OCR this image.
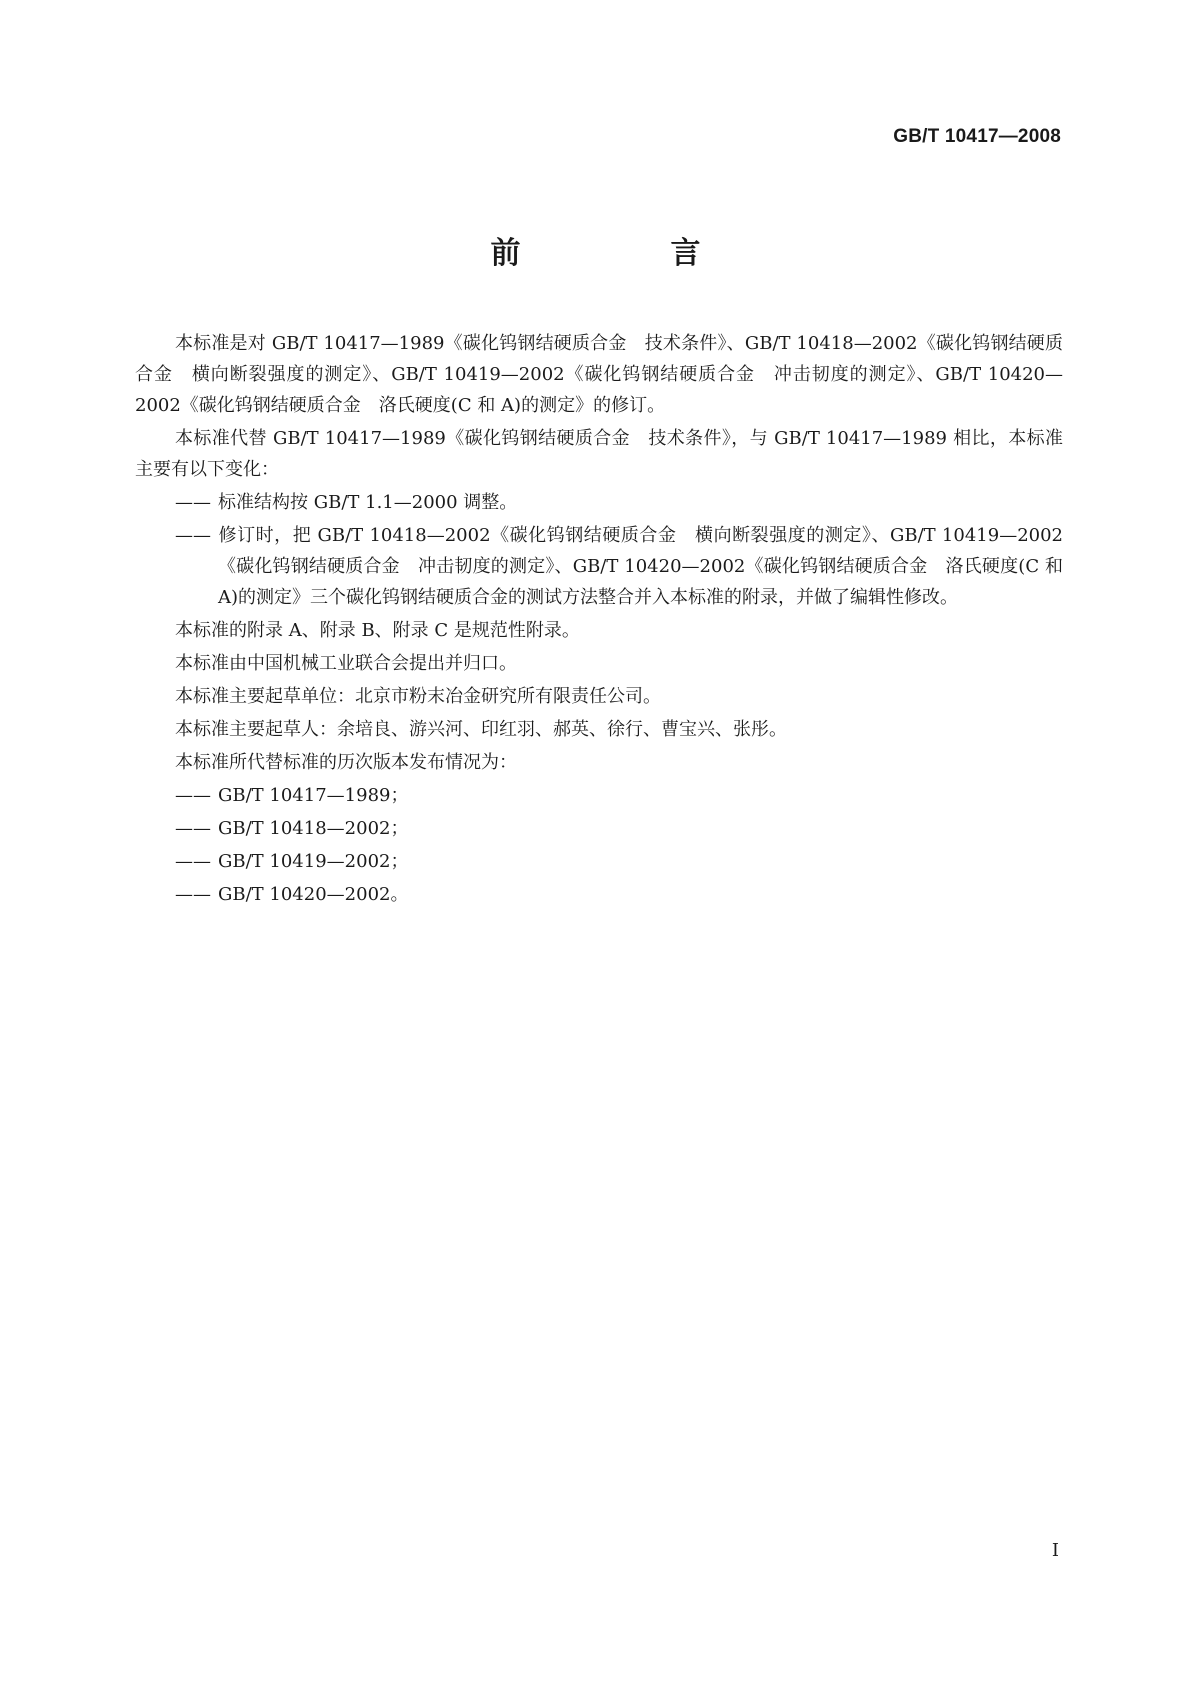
GB/T 10417—2008
前　言

本标准是对 GB/T 10417—1989《碳化钨钢结硬质合金　技术条件》、GB/T 10418—2002《碳化钨钢结硬质合金　横向断裂强度的测定》、GB/T 10419—2002《碳化钨钢结硬质合金　冲击韧度的测定》、GB/T 10420—2002《碳化钨钢结硬质合金　洛氏硬度(C 和 A)的测定》的修订。

本标准代替 GB/T 10417—1989《碳化钨钢结硬质合金　技术条件》，与 GB/T 10417—1989 相比，本标准主要有以下变化：

—— 标准结构按 GB/T 1.1—2000 调整。

—— 修订时，把 GB/T 10418—2002《碳化钨钢结硬质合金　横向断裂强度的测定》、GB/T 10419—2002《碳化钨钢结硬质合金　冲击韧度的测定》、GB/T 10420—2002《碳化钨钢结硬质合金　洛氏硬度(C 和 A)的测定》三个碳化钨钢结硬质合金的测试方法整合并入本标准的附录，并做了编辑性修改。

本标准的附录 A、附录 B、附录 C 是规范性附录。

本标准由中国机械工业联合会提出并归口。

本标准主要起草单位：北京市粉末冶金研究所有限责任公司。

本标准主要起草人：余培良、游兴河、印红羽、郝英、徐行、曹宝兴、张彤。

本标准所代替标准的历次版本发布情况为：

—— GB/T 10417—1989；

—— GB/T 10418—2002；

—— GB/T 10419—2002；

—— GB/T 10420—2002。

I
